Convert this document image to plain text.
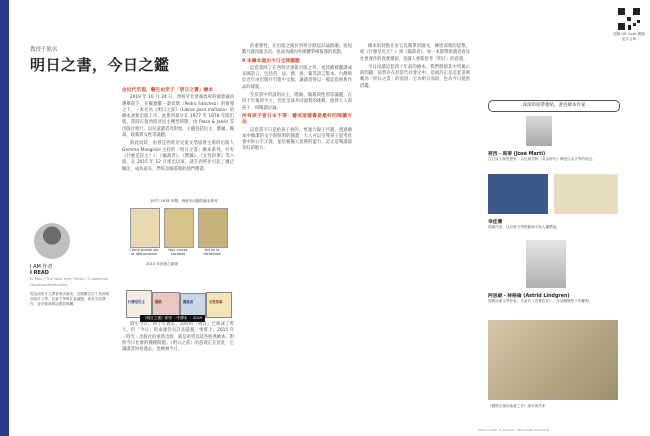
教授不點名
明日之書，今日之鑑
掃描 QR Code 閱讀更多文章
I AM 作者
I READ
El País / The New York Times / Cuadernos Hispanoamericanos
現為西班牙文譯者與評論者，長期關注拉丁美洲與西班牙文學、兒童文學與社會議題，著有多部譯作，並於報章雜誌撰寫專欄。
由近代至現，藝生由至子「明日之書」繪本

2019 年 10 月 24 日，西班牙社會黨政府的國會議員選舉前夕，在佩德羅・桑切斯（Pedro Sánchez）的領導之下，一本名為《明日之書》（Libros para mañana）的繪本重新出版上市。此系列最早在 1977 至 1978 年間出版，當時正值西班牙民主轉型時期，由 Plaza & Janés 等出版社發行，以兒童讀者為對象，主題包括民主、階級、獨裁、政黨與女性等議題。

與此同時，由曾任西班牙兒童文學協會主席的出版人 Gemma Mangirón 主持的「明日之書」繪本系列，共有《什麼是民主？》、《獨裁者》、《階級》、《女性的事》等六冊，在 2015 年 12 月重出以來，就在西班牙引起了廣泛關注，成為家長、學校及圖書館的熱門選書。

1977-1978 年間，西班牙出版的繪本系列
Cómo puede ser la democracia
Hay clases sociales
Así es la dictadura
2015 年出版之新版
什麼是民主	階級	獨裁者	女性的事
《明日之書》系列 ・中譯本 ・ 2019

時至今日，四十年過去，當時的「明日」已經成了昨天，但「今日」的命運仍有許多隱憂。事實上，2015 年「時光」出版社的重新出版，就是希望以這些經典繪本，對照今日社會的種種問題。《明日之書》的意義正在於此：它讓讀者回看過去，也檢視今日。

的重要性，在出版之後於西班牙掀起討論熱潮，短短數月就再版多次，也成為國內外媒體爭相報導的焦點。

4 本繪本道出今日全球議題

這套書除了在西班牙重新出版之外，也陸續被翻譯成多國語言，包括英、法、德、義、葡等語言版本。台灣則於近年由出版社引進中文版，讓讀者得以一窺這套經典作品的樣貌。

至於書中所談的民主、階級、獨裁與性別等議題，在四十年後的今天，仍是全球共同面對的挑戰，值得大人與孩子一同閱讀討論。

所有孩子皆日本不等：養成這樣書是最好的閱讀方法

這套書不只是給孩子看的，更適合親子共讀。透過繪本中簡潔的文字與鮮明的插畫，大人可以引導孩子思考社會中的公平正義，並培養獨立思辨的能力，這正是閱讀最美好的地方。

繪本的特點在於它以簡單的圖文，傳達深刻的思想。從《什麼是民主？》到《獨裁者》，每一本都帶領讀者看見社會運作的真實樣貌，也讓人重新思考「明日」的意義。

今日再讀這套四十年前的繪本，我們發現其中所揭示的問題，依然存在於當代社會之中。這或許正是這套書被稱為「明日之書」的原因：它為明日而寫，也為今日提供借鑑。

深深的紐帶連結，著名繪本作家
荷西・馬蒂 (José Martí)
古巴詩人與思想家，以兒童刊物《黃金時代》傳達自由平等的理念。
幸佳蕾
瑞典作家，以兒童文學推動和平與人權價值。
阿思緹・林格倫 (Astrid Lindgren)
瑞典兒童文學作家，代表作《長襪皮皮》，作品關懷孩子的權利。
《國際兒童的童書之作》繪本與作家
Photo Credit: © Amazon / Wikimedia Commons
